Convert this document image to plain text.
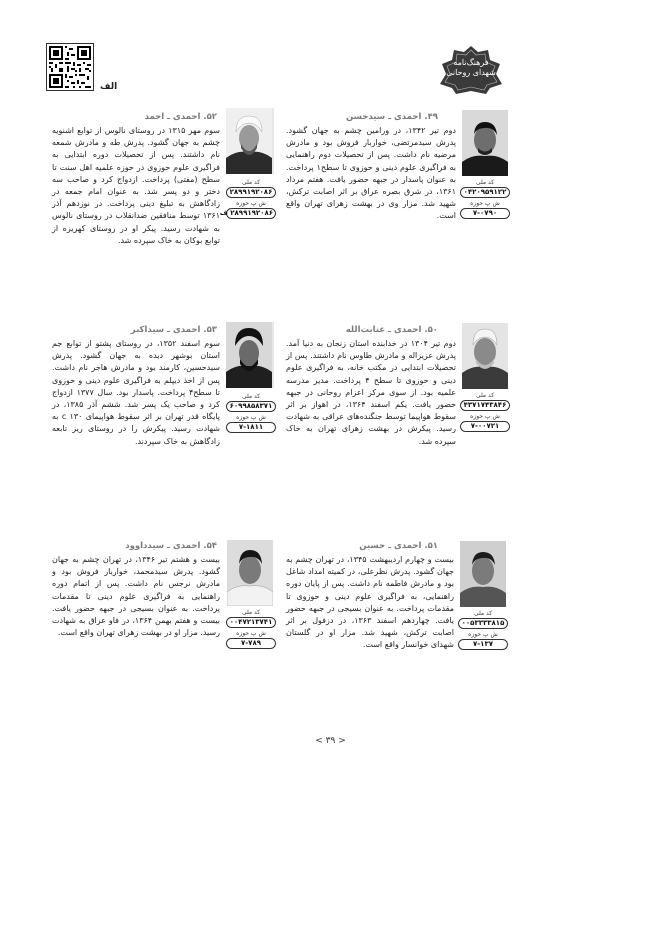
فرهنگ‌نامه
شهدای روحانی
الف
کد ملی
۰۴۲۰۹۵۹۱۲۲
ش پ حوزه
۷-۰۷۹۰
۴۹. احمدی ـ سیدحسن

دوم تیر ۱۳۴۲، در ورامین چشم به جهان گشود. پدرش سیدمرتضی، خواربار فروش بود و مادرش مرضیه نام داشت. پس از تحصیلات دوم راهنمایی به فراگیری علوم دینی و حوزوی تا سطح۱ پرداخت. به عنوان پاسدار در جبهه حضور یافت. هفتم مرداد ۱۳۶۱، در شرق بصره عراق بر اثر اصابت ترکش، شهید شد. مزار وی در بهشت زهرای تهران واقع است.

کد ملی
۴۳۷۱۷۴۳۸۴۶
ش پ حوزه
۷-۰۰۷۲۱
۵۰. احمدی ـ عنایت‌الله

دوم تیر ۱۳۰۴ در خدابنده استان زنجان به دنیا آمد. پدرش عزیزاله و مادرش طاوس نام داشتند. پس از تحصیلات ابتدایی در مکتب خانه، به فراگیری علوم دینی و حوزوی تا سطح ۴ پرداخت. مدیر مدرسه علمیه بود. از سوی مرکز اعزام روحانی در جبهه حضور یافت. یکم اسفند ۱۳۶۴، در اهواز بر اثر سقوط هواپیما توسط جنگنده‌های عراقی به شهادت رسید. پیکرش در بهشت زهرای تهران به خاک سپرده شد.

کد ملی
۰۰۵۳۳۳۳۸۱۵
ش پ حوزه
۷-۱۳۷
۵۱. احمدی ـ حسین

بیست و چهارم اردیبهشت ۱۳۴۵، در تهران چشم به جهان گشود. پدرش نظرعلی، در کمیته امداد شاغل بود و مادرش فاطمه نام داشت. پس از پایان دوره راهنمایی، به فراگیری علوم دینی و حوزوی تا مقدمات پرداخت. به عنوان بسیجی در جبهه حضور یافت. چهاردهم اسفند ۱۳۶۳، در دزفول بر اثر اصابت ترکش، شهید شد. مزار او در گلستان شهدای خوانسار واقع است.

کد ملی
۲۸۹۹۱۹۲۰۸۶
ش پ حوزه
۲۸۹۹۱۹۲۰۸۶ ف
۵۲. احمدی ـ احمد

سوم مهر ۱۳۱۵ در روستای نالوس از توابع اشنویه چشم به جهان گشود. پدرش طه و مادرش شمعه نام داشتند. پس از تحصیلات دوره ابتدایی به فراگیری علوم حوزوی در حوزه علمیه اهل سنت تا سطح (مفتی) پرداخت. ازدواج کرد و صاحب سه دختر و دو پسر شد. به عنوان امام جمعه در زادگاهش به تبلیغ دینی پرداخت. در نوزدهم آذر ۱۳۶۱ توسط منافقین ضدانقلاب در روستای نالوس به شهادت رسید. پیکر او در روستای کهریزه از توابع بوکان به خاک سپرده شد.

کد ملی
۶۰۹۹۸۵۸۳۷۱
ش پ حوزه
۷-۱۸۱۱
۵۳. احمدی ـ سیداکبر

سوم اسفند ۱۳۵۲، در روستای پشتو از توابع جم استان بوشهر دیده به جهان گشود. پدرش سیدحسین، کارمند بود و مادرش هاجر نام داشت. پس از اخذ دیپلم به فراگیری علوم دینی و حوزوی تا سطح۴ پرداخت. پاسدار بود. سال ۱۳۷۷ ازدواج کرد و صاحب یک پسر شد. ششم آذر ۱۳۸۵، در پایگاه قدر تهران بر اثر سقوط هواپیمای ۱۳۰ c به شهادت رسید. پیکرش را در روستای ریز تابعه زادگاهش به خاک سپردند.

کد ملی
۰۰۴۷۲۱۳۷۴۱
ش پ حوزه
۷-۷۸۹
۵۴. احمدی ـ سیدداوود

بیست و هشتم تیر ۱۳۴۶، در تهران چشم به جهان گشود. پدرش سیدمحمد، خواربار فروش بود و مادرش نرجس نام داشت. پس از اتمام دوره راهنمایی به فراگیری علوم دینی تا مقدمات پرداخت. به عنوان بسیجی در جبهه حضور یافت. بیست و هفتم بهمن ۱۳۶۴، در فاو عراق به شهادت رسید. مزار او در بهشت زهرای تهران واقع است.

< ۳۹ >
